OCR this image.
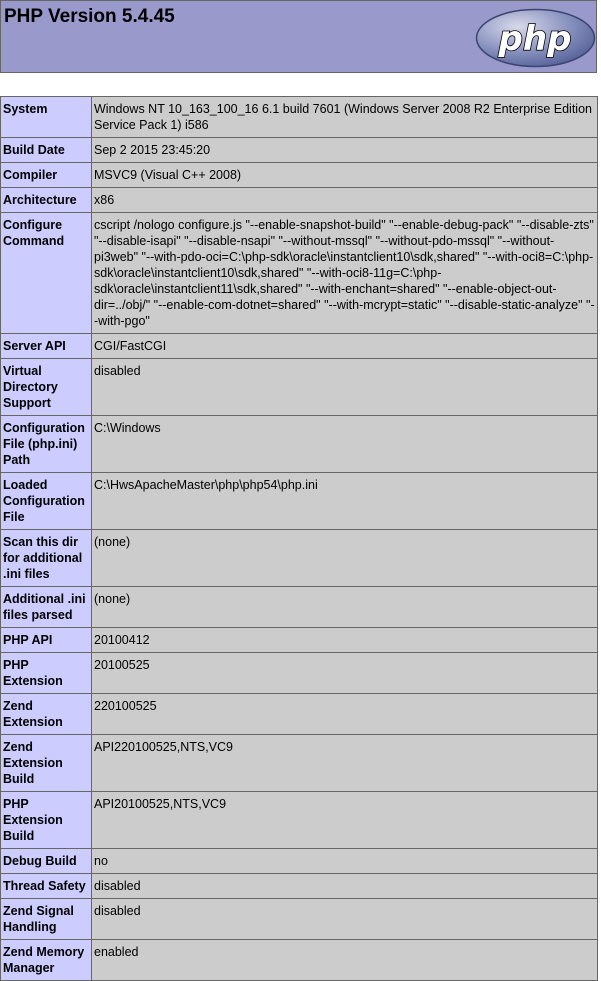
PHP Version 5.4.45
php
System	Windows NT 10_163_100_16 6.1 build 7601 (Windows Server 2008 R2 Enterprise Edition Service Pack 1) i586
Build Date	Sep 2 2015 23:45:20
Compiler	MSVC9 (Visual C++ 2008)
Architecture	x86
Configure Command	cscript /nologo configure.js "--enable-snapshot-build" "--enable-debug-pack" "--disable-zts" "--disable-isapi" "--disable-nsapi" "--without-mssql" "--without-pdo-mssql" "--without-pi3web" "--with-pdo-oci=C:\php-sdk\oracle\instantclient10\sdk,shared" "--with-oci8=C:\php-sdk\oracle\instantclient10\sdk,shared" "--with-oci8-11g=C:\php-sdk\oracle\instantclient11\sdk,shared" "--with-enchant=shared" "--enable-object-out-dir=../obj/" "--enable-com-dotnet=shared" "--with-mcrypt=static" "--disable-static-analyze" "--with-pgo"
Server API	CGI/FastCGI
Virtual Directory Support	disabled
Configuration File (php.ini) Path	C:\Windows
Loaded Configuration File	C:\HwsApacheMaster\php\php54\php.ini
Scan this dir for additional .ini files	(none)
Additional .ini files parsed	(none)
PHP API	20100412
PHP Extension	20100525
Zend Extension	220100525
Zend Extension Build	API220100525,NTS,VC9
PHP Extension Build	API20100525,NTS,VC9
Debug Build	no
Thread Safety	disabled
Zend Signal Handling	disabled
Zend Memory Manager	enabled
